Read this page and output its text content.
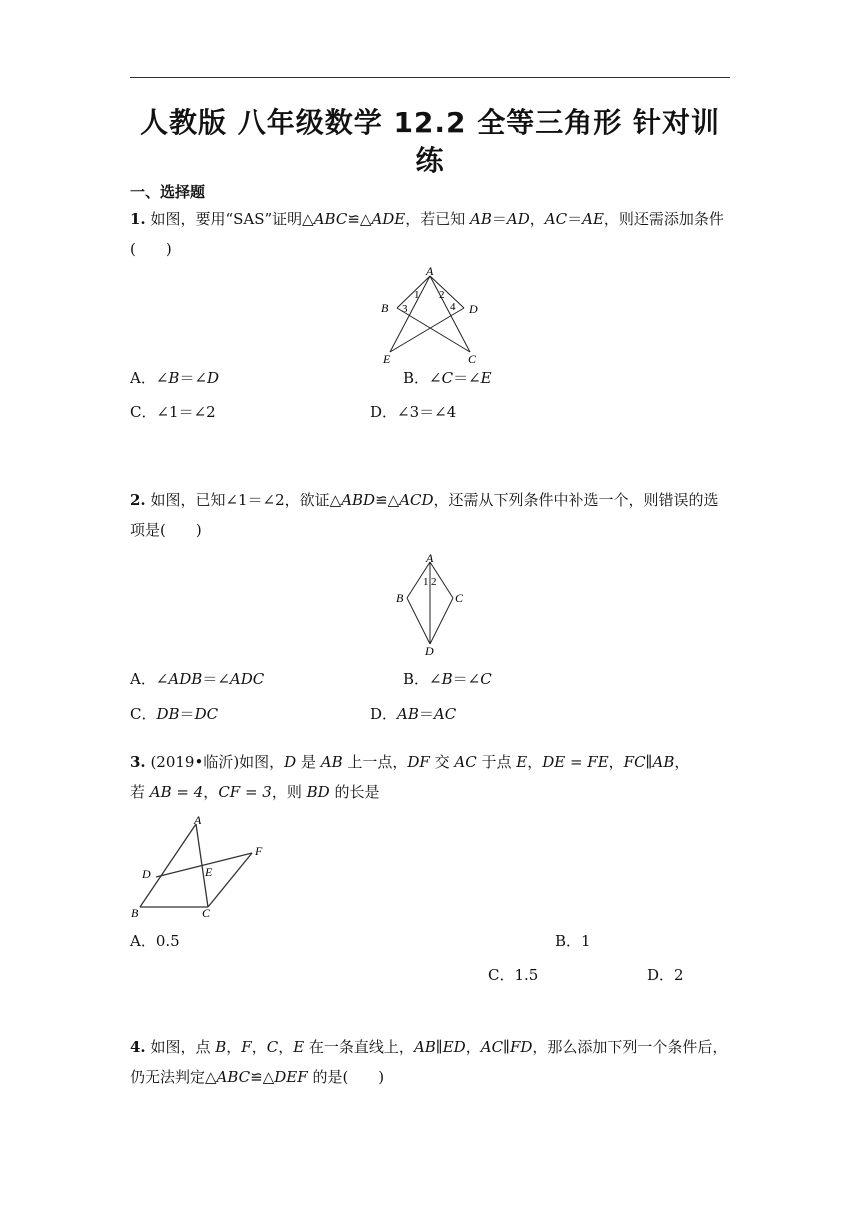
人教版 八年级数学 12.2 全等三角形 针对训
练
一、选择题
1. 如图，要用“SAS”证明△ABC≌△ADE，若已知 AB＝AD，AC＝AE，则还需添加条件(　　)
A
B	D
E	C
1 2
3	4
A．∠B＝∠D	B．∠C＝∠E
C．∠1＝∠2	D．∠3＝∠4
2. 如图，已知∠1＝∠2，欲证△ABD≌△ACD，还需从下列条件中补选一个，则错误的选项是(　　)
A
B	C
D
1 2
A．∠ADB＝∠ADC	B．∠B＝∠C
C．DB＝DC	D．AB＝AC
3. (2019•临沂)如图，D 是 AB 上一点，DF 交 AC 于点 E，DE = FE，FC∥AB，
若 AB = 4，CF = 3，则 BD 的长是
A
D	E
F
B	C
A．0.5	B．1
C．1.5	D．2
4. 如图，点 B，F，C，E 在一条直线上，AB∥ED，AC∥FD，那么添加下列一个条件后，仍无法判定△ABC≌△DEF 的是(　　)
